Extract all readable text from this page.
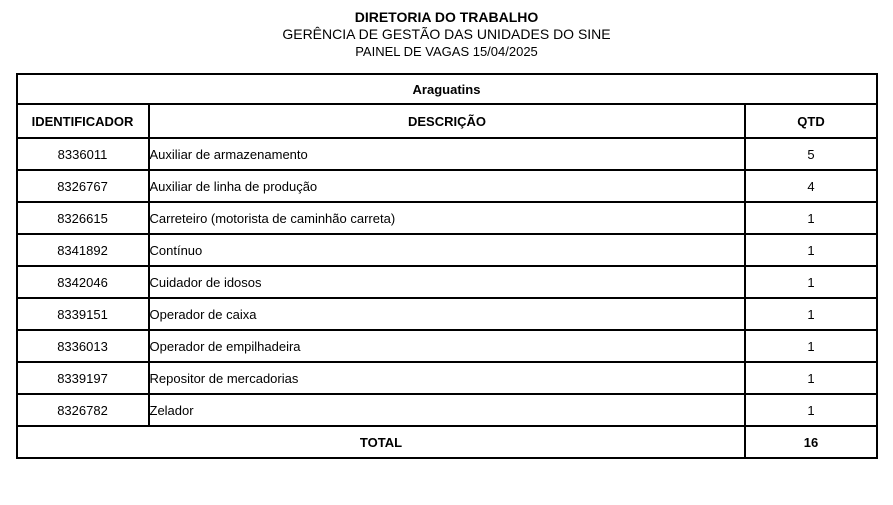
DIRETORIA DO TRABALHO
GERÊNCIA DE GESTÃO DAS UNIDADES DO SINE
PAINEL DE VAGAS 15/04/2025
Araguatins		
IDENTIFICADOR	DESCRIÇÃO	QTD
8336011	Auxiliar de armazenamento	5
8326767	Auxiliar de linha de produção	4
8326615	Carreteiro (motorista de caminhão carreta)	1
8341892	Contínuo	1
8342046	Cuidador de idosos	1
8339151	Operador de caixa	1
8336013	Operador de empilhadeira	1
8339197	Repositor de mercadorias	1
8326782	Zelador	1
TOTAL		16
